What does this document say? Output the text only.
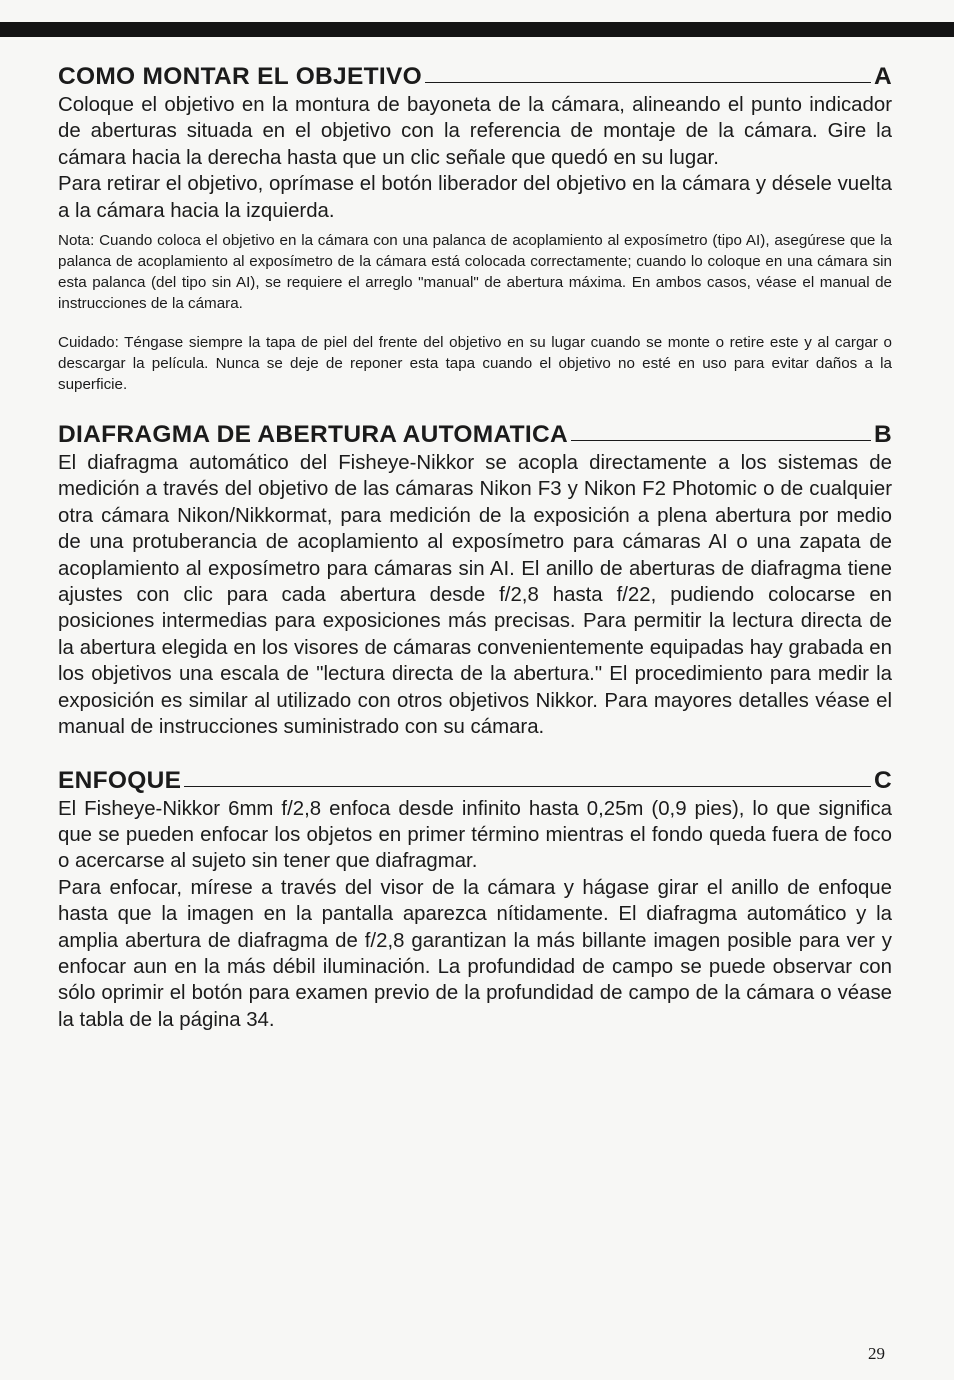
COMO MONTAR EL OBJETIVO	A

Coloque el objetivo en la montura de bayoneta de la cámara, alineando el punto indicador de aberturas situada en el objetivo con la referencia de montaje de la cámara. Gire la cámara hacia la derecha hasta que un clic señale que quedó en su lugar.

Para retirar el objetivo, oprímase el botón liberador del objetivo en la cámara y désele vuelta a la cámara hacia la izquierda.

Nota: Cuando coloca el objetivo en la cámara con una palanca de acoplamiento al exposímetro (tipo AI), asegúrese que la palanca de acoplamiento al exposímetro de la cámara está colocada correctamente; cuando lo coloque en una cámara sin esta palanca (del tipo sin AI), se requiere el arreglo "manual" de abertura máxima. En ambos casos, véase el manual de instrucciones de la cámara.

Cuidado: Téngase siempre la tapa de piel del frente del objetivo en su lugar cuando se monte o retire este y al cargar o descargar la película. Nunca se deje de reponer esta tapa cuando el objetivo no esté en uso para evitar daños a la superficie.

DIAFRAGMA DE ABERTURA AUTOMATICA	B

El diafragma automático del Fisheye-Nikkor se acopla directamente a los sistemas de medición a través del objetivo de las cámaras Nikon F3 y Nikon F2 Photomic o de cualquier otra cámara Nikon/Nikkormat, para medición de la exposición a plena abertura por medio de una protuberancia de acoplamiento al exposímetro para cámaras AI o una zapata de acoplamiento al exposímetro para cámaras sin AI. El anillo de aberturas de diafragma tiene ajustes con clic para cada abertura desde f/2,8 hasta f/22, pudiendo colocarse en posiciones intermedias para exposiciones más precisas. Para permitir la lectura directa de la abertura elegida en los visores de cámaras convenientemente equipadas hay grabada en los objetivos una escala de "lectura directa de la abertura." El procedimiento para medir la exposición es similar al utilizado con otros objetivos Nikkor. Para mayores detalles véase el manual de instrucciones suministrado con su cámara.

ENFOQUE	C

El Fisheye-Nikkor 6mm f/2,8 enfoca desde infinito hasta 0,25m (0,9 pies), lo que significa que se pueden enfocar los objetos en primer término mientras el fondo queda fuera de foco o acercarse al sujeto sin tener que diafragmar.

Para enfocar, mírese a través del visor de la cámara y hágase girar el anillo de enfoque hasta que la imagen en la pantalla aparezca nítidamente. El diafragma automático y la amplia abertura de diafragma de f/2,8 garantizan la más billante imagen posible para ver y enfocar aun en la más débil iluminación. La profundidad de campo se puede observar con sólo oprimir el botón para examen previo de la profundidad de campo de la cámara o véase la tabla de la página 34.

29
